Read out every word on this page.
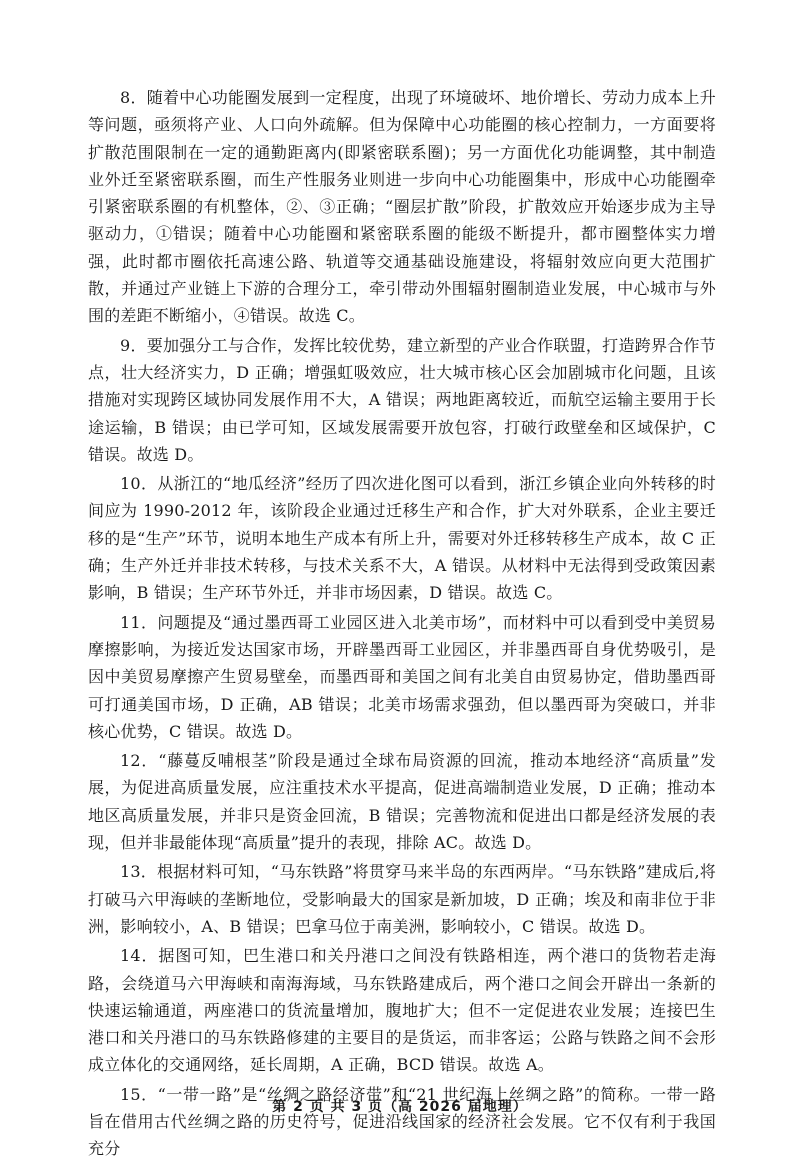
8．随着中心功能圈发展到一定程度，出现了环境破坏、地价增长、劳动力成本上升等问题，亟须将产业、人口向外疏解。但为保障中心功能圈的核心控制力，一方面要将扩散范围限制在一定的通勤距离内(即紧密联系圈)；另一方面优化功能调整，其中制造业外迁至紧密联系圈，而生产性服务业则进一步向中心功能圈集中，形成中心功能圈牵引紧密联系圈的有机整体，②、③正确；“圈层扩散”阶段，扩散效应开始逐步成为主导驱动力，①错误；随着中心功能圈和紧密联系圈的能级不断提升，都市圈整体实力增强，此时都市圈依托高速公路、轨道等交通基础设施建设，将辐射效应向更大范围扩散，并通过产业链上下游的合理分工，牵引带动外围辐射圈制造业发展，中心城市与外围的差距不断缩小，④错误。故选 C。

9．要加强分工与合作，发挥比较优势，建立新型的产业合作联盟，打造跨界合作节点，壮大经济实力，D 正确；增强虹吸效应，壮大城市核心区会加剧城市化问题，且该措施对实现跨区域协同发展作用不大，A 错误；两地距离较近，而航空运输主要用于长途运输，B 错误；由已学可知，区域发展需要开放包容，打破行政壁垒和区域保护，C 错误。故选 D。

10．从浙江的“地瓜经济”经历了四次进化图可以看到，浙江乡镇企业向外转移的时间应为 1990-2012 年，该阶段企业通过迁移生产和合作，扩大对外联系，企业主要迁移的是“生产”环节，说明本地生产成本有所上升，需要对外迁移转移生产成本，故 C 正确；生产外迁并非技术转移，与技术关系不大，A 错误。从材料中无法得到受政策因素影响，B 错误；生产环节外迁，并非市场因素，D 错误。故选 C。

11．问题提及“通过墨西哥工业园区进入北美市场”，而材料中可以看到受中美贸易摩擦影响，为接近发达国家市场，开辟墨西哥工业园区，并非墨西哥自身优势吸引，是因中美贸易摩擦产生贸易壁垒，而墨西哥和美国之间有北美自由贸易协定，借助墨西哥可打通美国市场，D 正确，AB 错误；北美市场需求强劲，但以墨西哥为突破口，并非核心优势，C 错误。故选 D。

12．“藤蔓反哺根茎”阶段是通过全球布局资源的回流，推动本地经济“高质量”发展，为促进高质量发展，应注重技术水平提高，促进高端制造业发展，D 正确；推动本地区高质量发展，并非只是资金回流，B 错误；完善物流和促进出口都是经济发展的表现，但并非最能体现“高质量”提升的表现，排除 AC。故选 D。

13．根据材料可知，“马东铁路”将贯穿马来半岛的东西两岸。“马东铁路”建成后,将打破马六甲海峡的垄断地位，受影响最大的国家是新加坡，D 正确；埃及和南非位于非洲，影响较小，A、B 错误；巴拿马位于南美洲，影响较小，C 错误。故选 D。

14．据图可知，巴生港口和关丹港口之间没有铁路相连，两个港口的货物若走海路，会绕道马六甲海峡和南海海域，马东铁路建成后，两个港口之间会开辟出一条新的快速运输通道，两座港口的货流量增加，腹地扩大；但不一定促进农业发展；连接巴生港口和关丹港口的马东铁路修建的主要目的是货运，而非客运；公路与铁路之间不会形成立体化的交通网络，延长周期，A 正确，BCD 错误。故选 A。

15．“一带一路”是“丝绸之路经济带”和“21 世纪海上丝绸之路”的简称。一带一路旨在借用古代丝绸之路的历史符号，促进沿线国家的经济社会发展。它不仅有利于我国充分

第 2 页 共 3 页（高 2026 届地理）
